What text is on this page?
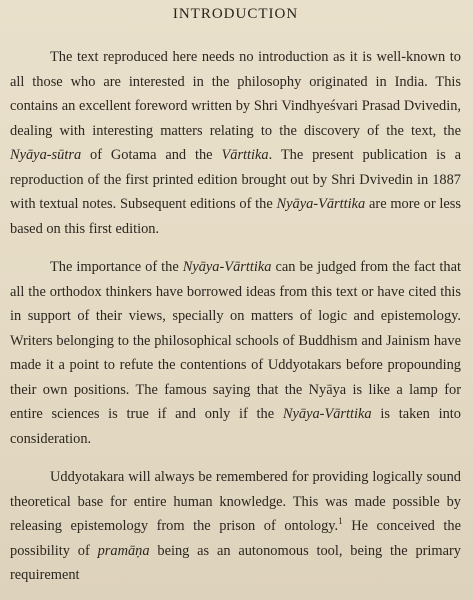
INTRODUCTION

The text reproduced here needs no introduction as it is well-known to all those who are interested in the philosophy originated in India. This contains an excellent foreword written by Shri Vindhyeśvari Prasad Dvivedin, dealing with interesting matters relating to the discovery of the text, the Nyāya-sūtra of Gotama and the Vārttika. The present publication is a reproduction of the first printed edition brought out by Shri Dvivedin in 1887 with textual notes. Subsequent editions of the Nyāya-Vārttika are more or less based on this first edition.

The importance of the Nyāya-Vārttika can be judged from the fact that all the orthodox thinkers have borrowed ideas from this text or have cited this in support of their views, specially on matters of logic and epistemology. Writers belonging to the philosophical schools of Buddhism and Jainism have made it a point to refute the contentions of Uddyotakars before propounding their own positions. The famous saying that the Nyāya is like a lamp for entire sciences is true if and only if the Nyāya-Vārttika is taken into consideration.

Uddyotakara will always be remembered for providing logically sound theoretical base for entire human knowledge. This was made possible by releasing epistemology from the prison of ontology.$^1$ He conceived the possibility of pramāṇa being as an autonomous tool, being the primary requirement
